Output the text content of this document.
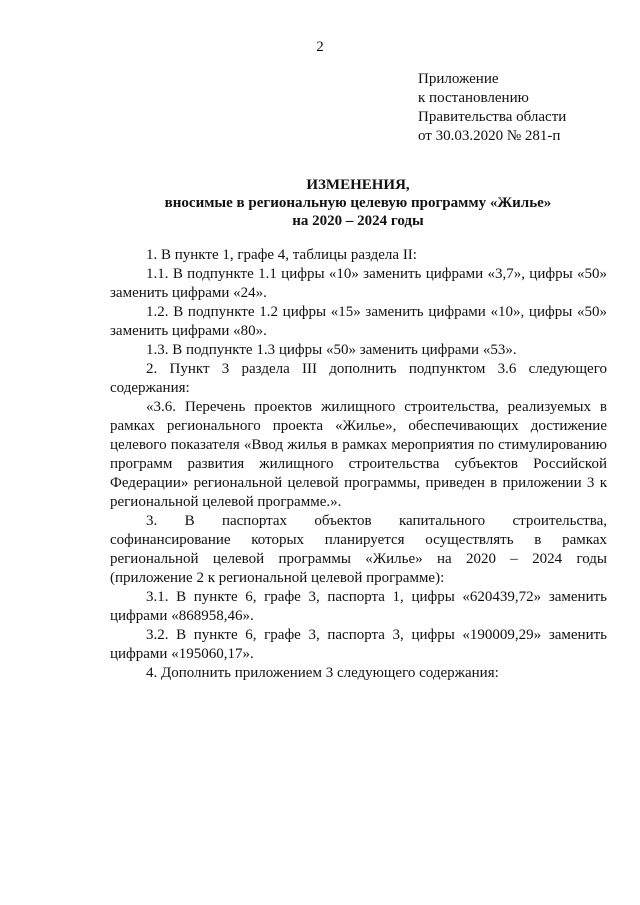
2
Приложение
к постановлению
Правительства области
от 30.03.2020 № 281-п
ИЗМЕНЕНИЯ,
вносимые в региональную целевую программу «Жилье»
на 2020 – 2024 годы

1. В пункте 1, графе 4, таблицы раздела II:

1.1. В подпункте 1.1 цифры «10» заменить цифрами «3,7», цифры «50» заменить цифрами «24».

1.2. В подпункте 1.2 цифры «15» заменить цифрами «10», цифры «50» заменить цифрами «80».

1.3. В подпункте 1.3 цифры «50» заменить цифрами «53».

2. Пункт 3 раздела III дополнить подпунктом 3.6 следующего содержания:

«3.6. Перечень проектов жилищного строительства, реализуемых в рамках регионального проекта «Жилье», обеспечивающих достижение целевого показателя «Ввод жилья в рамках мероприятия по стимулированию программ развития жилищного строительства субъектов Российской Федерации» региональной целевой программы, приведен в приложении 3 к региональной целевой программе.».

3. В паспортах объектов капитального строительства, софинансирование которых планируется осуществлять в рамках региональной целевой программы «Жилье» на 2020 – 2024 годы (приложение 2 к региональной целевой программе):

3.1. В пункте 6, графе 3, паспорта 1, цифры «620439,72» заменить цифрами «868958,46».

3.2. В пункте 6, графе 3, паспорта 3, цифры «190009,29» заменить цифрами «195060,17».

4. Дополнить приложением 3 следующего содержания:
